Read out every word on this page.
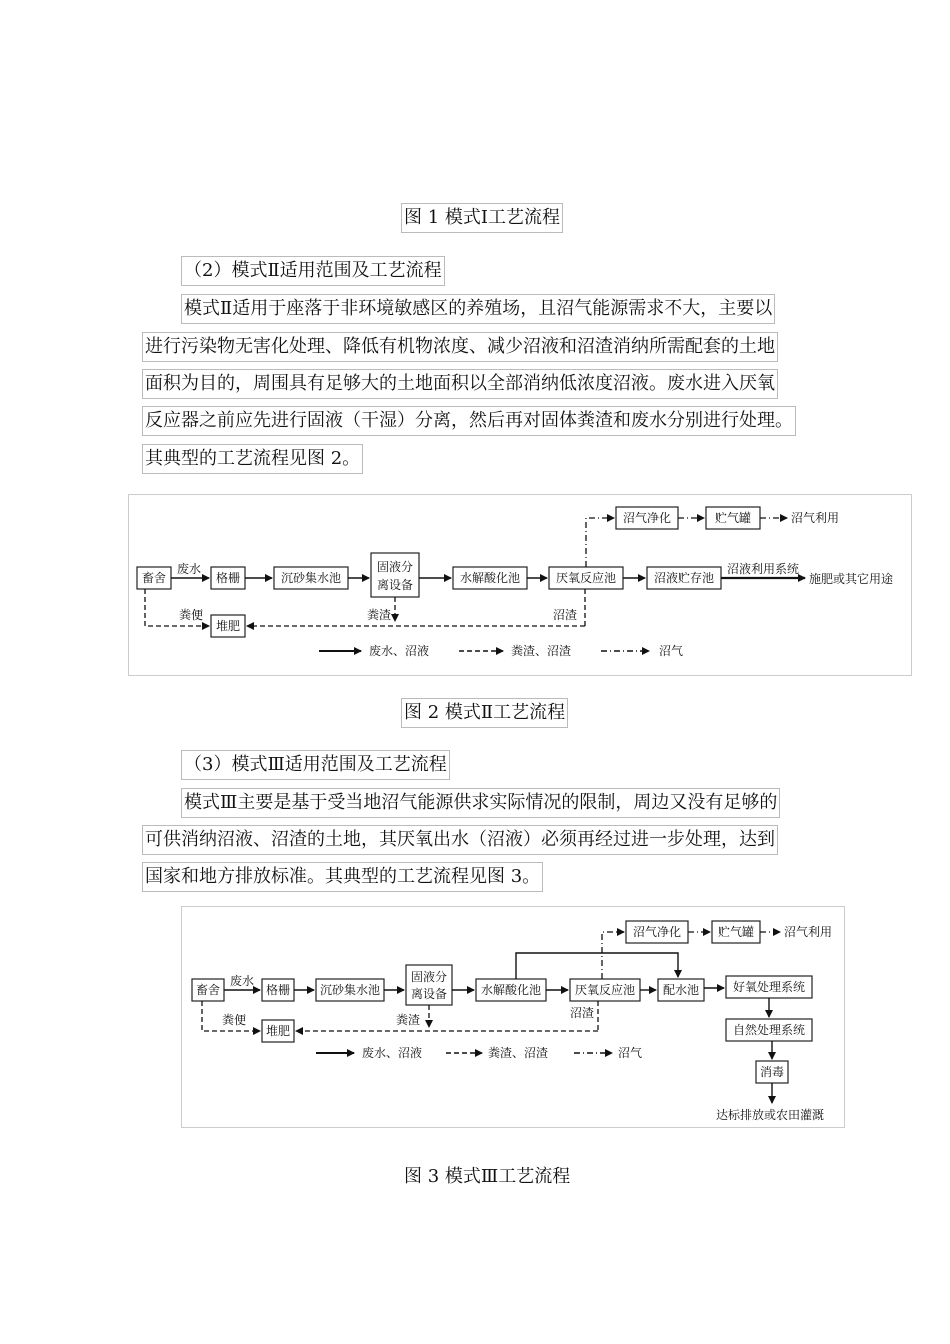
图 1 模式Ⅰ工艺流程
（2）模式Ⅱ适用范围及工艺流程
模式Ⅱ适用于座落于非环境敏感区的养殖场，且沼气能源需求不大，主要以
进行污染物无害化处理、降低有机物浓度、减少沼液和沼渣消纳所需配套的土地
面积为目的，周围具有足够大的土地面积以全部消纳低浓度沼液。废水进入厌氧
反应器之前应先进行固液（干湿）分离，然后再对固体粪渣和废水分别进行处理。
其典型的工艺流程见图 2。
畜舍	格栅	沉砂集水池
固液分
离设备	水解酸化池	厌氧反应池	沼液贮存池
沼气净化	贮气罐
堆肥
废水	沼液利用系统
施肥或其它用途
粪便	粪渣	沼渣
沼气利用
废水、沼液	粪渣、沼渣	沼气
图 2 模式Ⅱ工艺流程
（3）模式Ⅲ适用范围及工艺流程
模式Ⅲ主要是基于受当地沼气能源供求实际情况的限制，周边又没有足够的
可供消纳沼液、沼渣的土地，其厌氧出水（沼液）必须再经过进一步处理，达到
国家和地方排放标准。其典型的工艺流程见图 3。
畜舍	格栅 沉砂集水池
固液分
离设备	水解酸化池	厌氧反应池 配水池	好氧处理系统
自然处理系统
消毒
沼气净化	贮气罐
堆肥
废水
达标排放或农田灌溉
粪便	粪渣	沼渣
沼气利用
废水、沼液	粪渣、沼渣	沼气
图 3 模式Ⅲ工艺流程
